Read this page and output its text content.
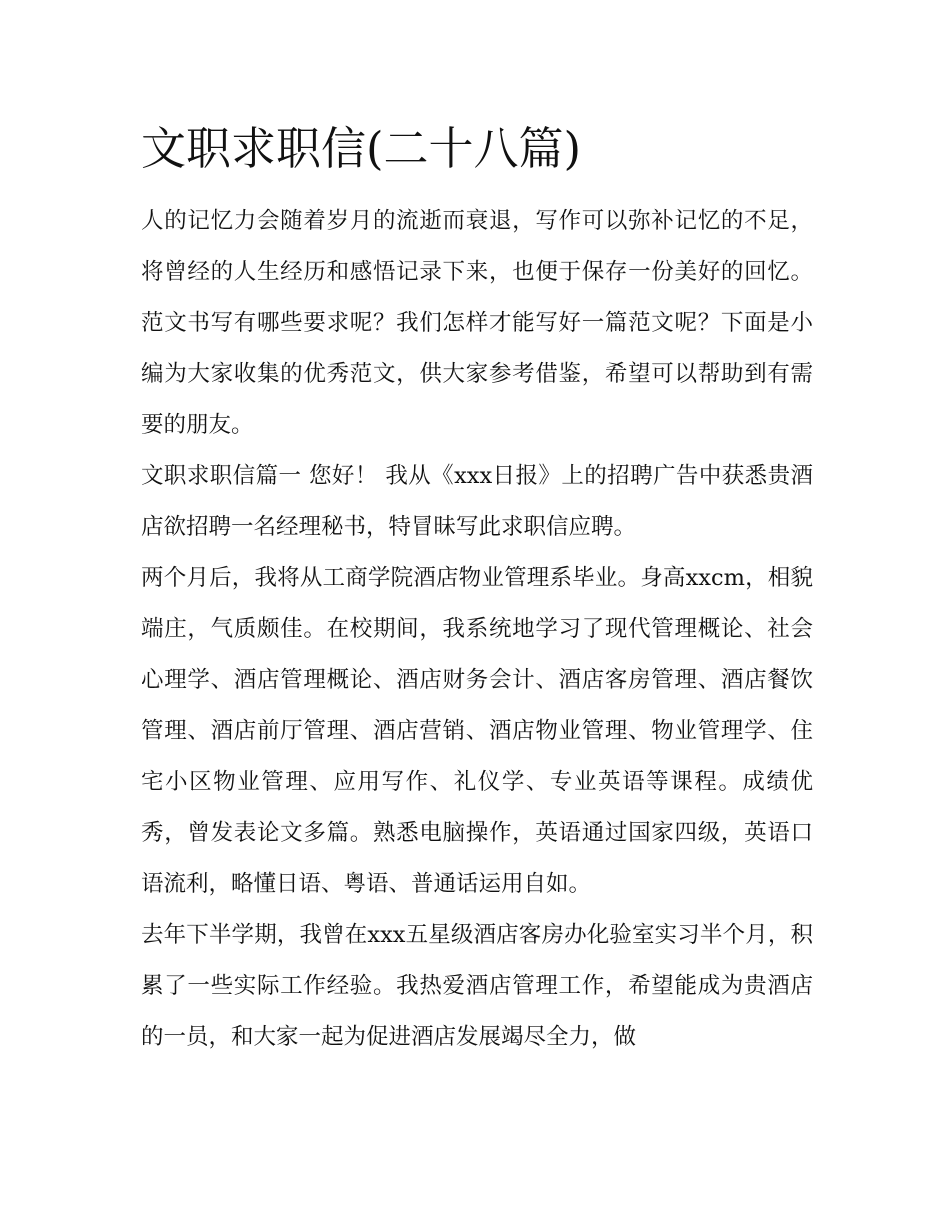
文职求职信(二十八篇)

人的记忆力会随着岁月的流逝而衰退，写作可以弥补记忆的不足，将曾经的人生经历和感悟记录下来，也便于保存一份美好的回忆。范文书写有哪些要求呢？我们怎样才能写好一篇范文呢？下面是小编为大家收集的优秀范文，供大家参考借鉴，希望可以帮助到有需要的朋友。

文职求职信篇一 您好！ 我从《xxx日报》上的招聘广告中获悉贵酒店欲招聘一名经理秘书，特冒昧写此求职信应聘。

两个月后，我将从工商学院酒店物业管理系毕业。身高xxcm，相貌端庄，气质颇佳。在校期间，我系统地学习了现代管理概论、社会心理学、酒店管理概论、酒店财务会计、酒店客房管理、酒店餐饮管理、酒店前厅管理、酒店营销、酒店物业管理、物业管理学、住宅小区物业管理、应用写作、礼仪学、专业英语等课程。成绩优秀，曾发表论文多篇。熟悉电脑操作，英语通过国家四级，英语口语流利，略懂日语、粤语、普通话运用自如。

去年下半学期，我曾在xxx五星级酒店客房办化验室实习半个月，积累了一些实际工作经验。我热爱酒店管理工作，希望能成为贵酒店的一员，和大家一起为促进酒店发展竭尽全力，做
